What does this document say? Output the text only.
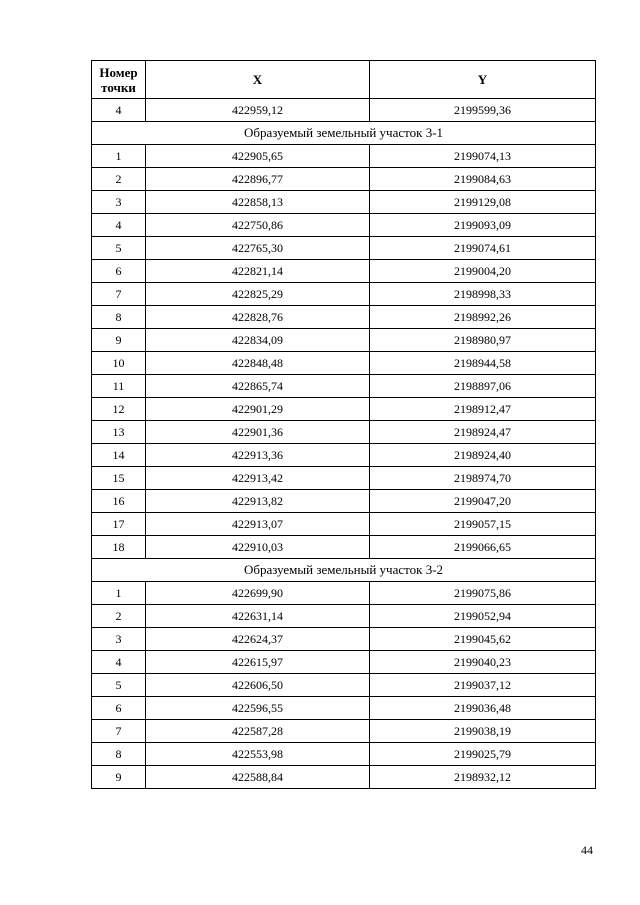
Номер
точки	X	Y
4	422959,12	2199599,36
Образуемый земельный участок 3-1		
1	422905,65	2199074,13
2	422896,77	2199084,63
3	422858,13	2199129,08
4	422750,86	2199093,09
5	422765,30	2199074,61
6	422821,14	2199004,20
7	422825,29	2198998,33
8	422828,76	2198992,26
9	422834,09	2198980,97
10	422848,48	2198944,58
11	422865,74	2198897,06
12	422901,29	2198912,47
13	422901,36	2198924,47
14	422913,36	2198924,40
15	422913,42	2198974,70
16	422913,82	2199047,20
17	422913,07	2199057,15
18	422910,03	2199066,65
Образуемый земельный участок 3-2		
1	422699,90	2199075,86
2	422631,14	2199052,94
3	422624,37	2199045,62
4	422615,97	2199040,23
5	422606,50	2199037,12
6	422596,55	2199036,48
7	422587,28	2199038,19
8	422553,98	2199025,79
9	422588,84	2198932,12
44
